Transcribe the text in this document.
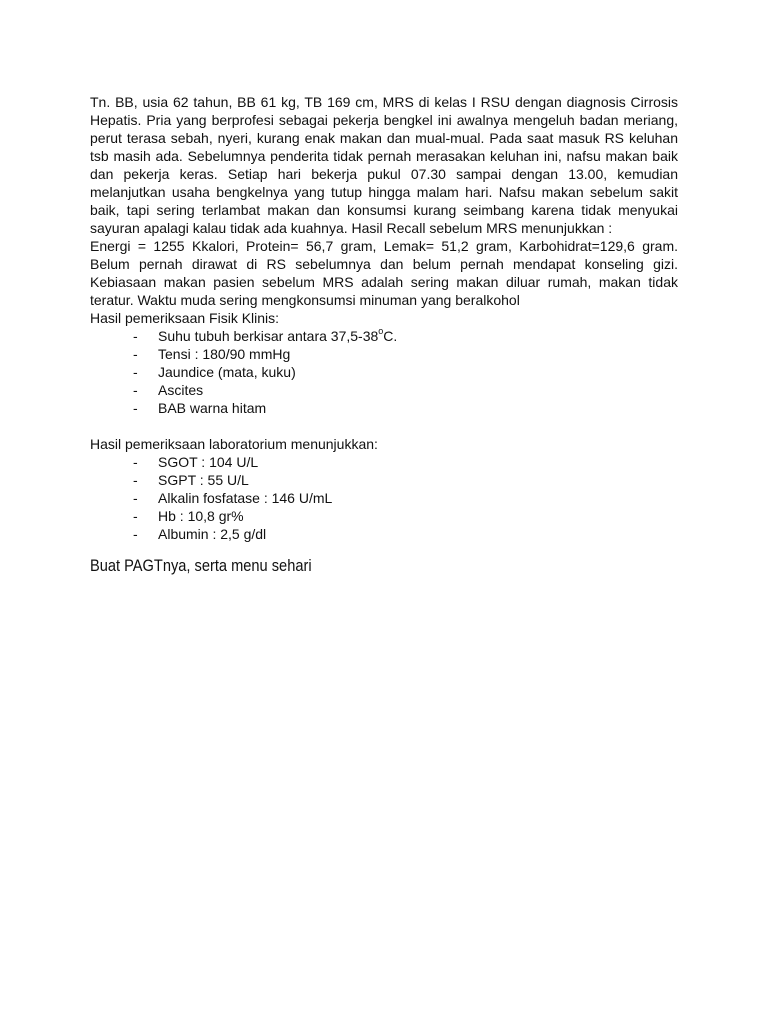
Tn. BB, usia 62 tahun, BB 61 kg, TB 169 cm, MRS di kelas I RSU dengan diagnosis Cirrosis Hepatis. Pria yang berprofesi sebagai pekerja bengkel ini awalnya mengeluh badan meriang, perut terasa sebah, nyeri, kurang enak makan dan mual-mual. Pada saat masuk RS keluhan tsb masih ada. Sebelumnya penderita tidak pernah merasakan keluhan ini, nafsu makan baik dan pekerja keras. Setiap hari bekerja pukul 07.30 sampai dengan 13.00, kemudian melanjutkan usaha bengkelnya yang tutup hingga malam hari. Nafsu makan sebelum sakit baik, tapi sering terlambat makan dan konsumsi kurang seimbang karena tidak menyukai sayuran apalagi kalau tidak ada kuahnya. Hasil Recall sebelum MRS menunjukkan :

Energi = 1255 Kkalori, Protein= 56,7 gram, Lemak= 51,2 gram, Karbohidrat=129,6 gram. Belum pernah dirawat di RS sebelumnya dan belum pernah mendapat konseling gizi. Kebiasaan makan pasien sebelum MRS adalah sering makan diluar rumah, makan tidak teratur. Waktu muda sering mengkonsumsi minuman yang beralkohol

Hasil pemeriksaan Fisik Klinis:

- Suhu tubuh berkisar antara 37,5-38$^o$C.
- Tensi : 180/90 mmHg
- Jaundice (mata, kuku)
- Ascites
- BAB warna hitam

Hasil pemeriksaan laboratorium menunjukkan:

- SGOT : 104 U/L
- SGPT : 55 U/L
- Alkalin fosfatase : 146 U/mL
- Hb : 10,8 gr%
- Albumin : 2,5 g/dl

Buat PAGTnya, serta menu sehari
